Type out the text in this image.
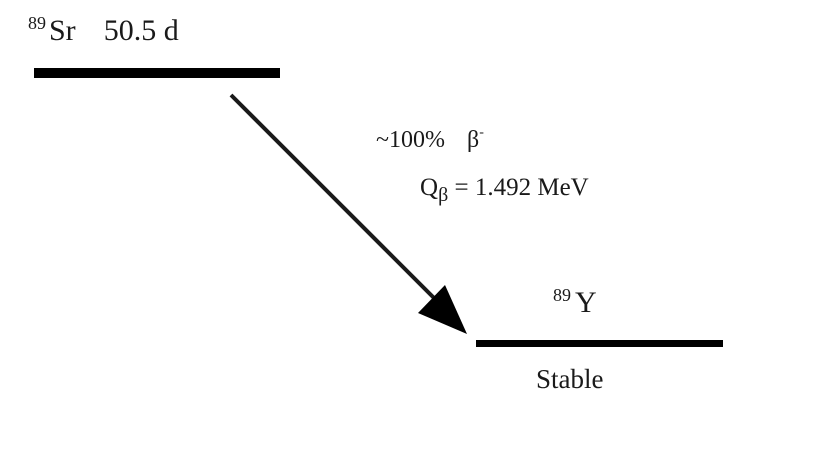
$^{89}$ Sr 50.5 d
~100% β-
$Q_\beta = 1.492$ MeV
$^{89}$ Y
Stable
